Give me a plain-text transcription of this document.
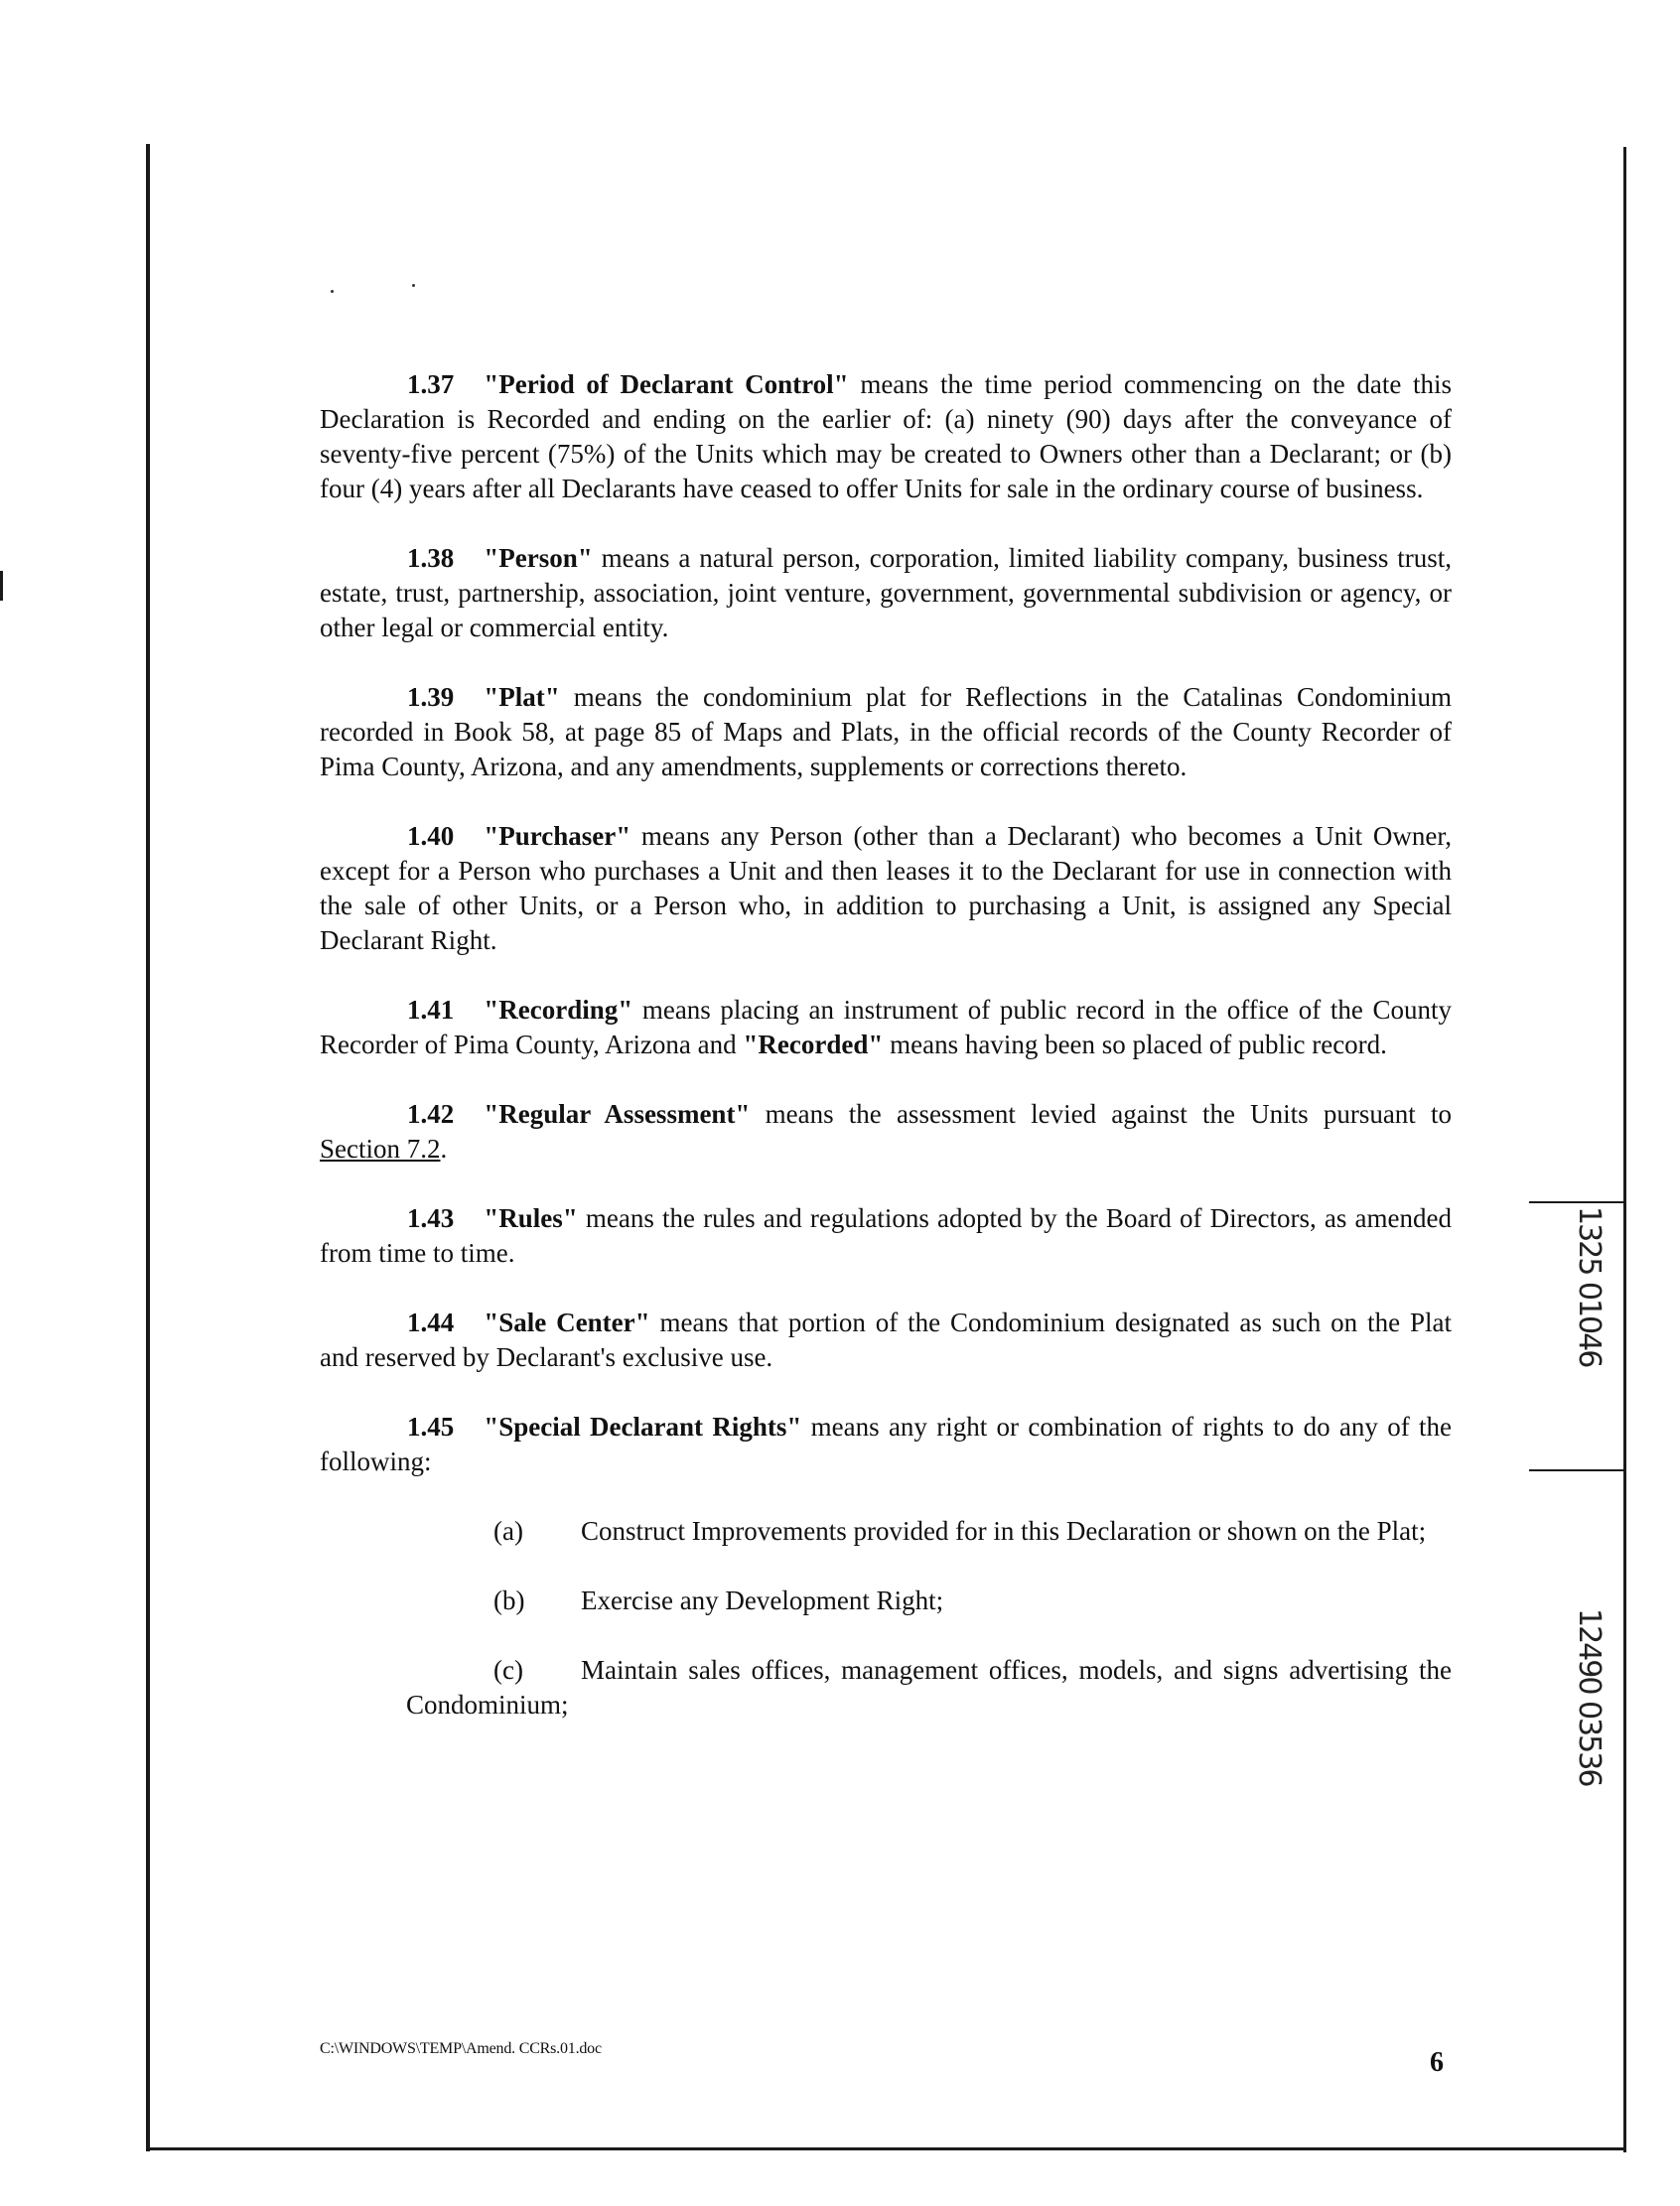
1.37 "Period of Declarant Control" means the time period commencing on the date this Declaration is Recorded and ending on the earlier of: (a) ninety (90) days after the conveyance of seventy-five percent (75%) of the Units which may be created to Owners other than a Declarant; or (b) four (4) years after all Declarants have ceased to offer Units for sale in the ordinary course of business.

1.38 "Person" means a natural person, corporation, limited liability company, business trust, estate, trust, partnership, association, joint venture, government, governmental subdivision or agency, or other legal or commercial entity.

1.39 "Plat" means the condominium plat for Reflections in the Catalinas Condominium recorded in Book 58, at page 85 of Maps and Plats, in the official records of the County Recorder of Pima County, Arizona, and any amendments, supplements or corrections thereto.

1.40 "Purchaser" means any Person (other than a Declarant) who becomes a Unit Owner, except for a Person who purchases a Unit and then leases it to the Declarant for use in connection with the sale of other Units, or a Person who, in addition to purchasing a Unit, is assigned any Special Declarant Right.

1.41 "Recording" means placing an instrument of public record in the office of the County Recorder of Pima County, Arizona and "Recorded" means having been so placed of public record.

1.42 "Regular Assessment" means the assessment levied against the Units pursuant to Section 7.2.

1.43 "Rules" means the rules and regulations adopted by the Board of Directors, as amended from time to time.

1.44 "Sale Center" means that portion of the Condominium designated as such on the Plat and reserved by Declarant's exclusive use.

1.45 "Special Declarant Rights" means any right or combination of rights to do any of the following:

(a) Construct Improvements provided for in this Declaration or shown on the Plat;

(b) Exercise any Development Right;

(c) Maintain sales offices, management offices, models, and signs advertising the Condominium;

C:\WINDOWS\TEMP\Amend. CCRs.01.doc	6
1325 01046
12490 03536
